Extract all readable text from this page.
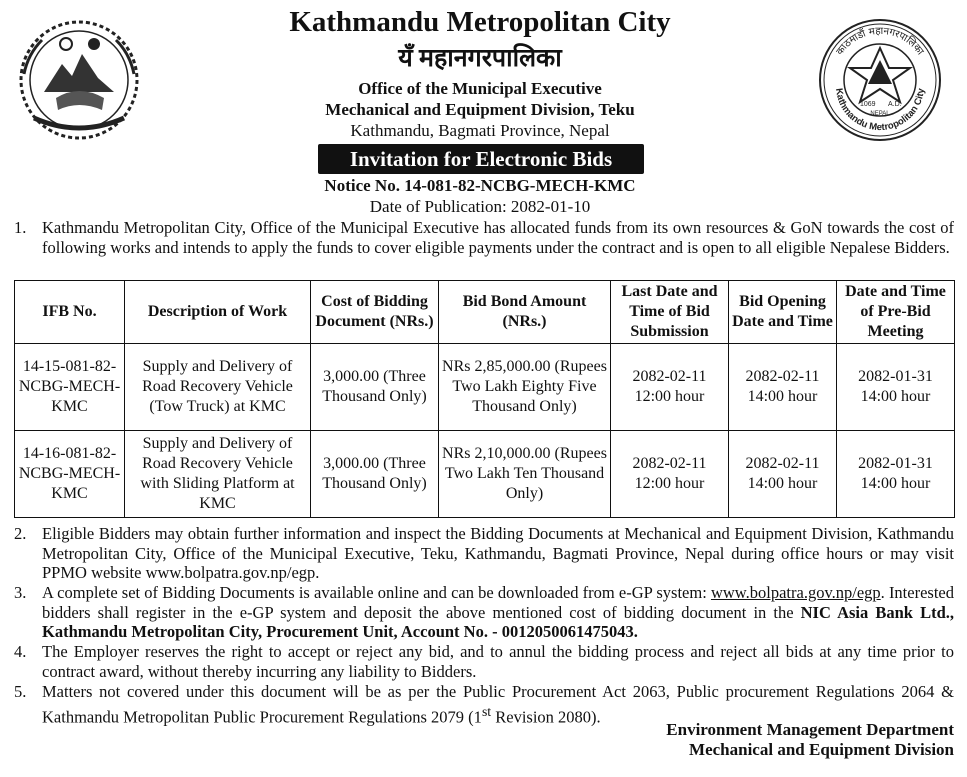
काठमाडौं महानगरपालिका
Kathmandu Metropolitan City
1069 A.D.
NEPAL
Kathmandu Metropolitan City
यँ महानगरपालिका
Office of the Municipal Executive
Mechanical and Equipment Division, Teku
Kathmandu, Bagmati Province, Nepal
Invitation for Electronic Bids
Notice No. 14-081-82-NCBG-MECH-KMC
Date of Publication: 2082-01-10
1. Kathmandu Metropolitan City, Office of the Municipal Executive has allocated funds from its own resources & GoN towards the cost of following works and intends to apply the funds to cover eligible payments under the contract and is open to all eligible Nepalese Bidders.
IFB No.	Description of Work	Cost of Bidding Document (NRs.)	Bid Bond Amount (NRs.)	Last Date and Time of Bid Submission	Bid Opening Date and Time	Date and Time of Pre-Bid Meeting
14-15-081-82-NCBG-MECH-KMC	Supply and Delivery of Road Recovery Vehicle (Tow Truck) at KMC	3,000.00 (Three Thousand Only)	NRs 2,85,000.00 (Rupees Two Lakh Eighty Five Thousand Only)	2082-02-11 12:00 hour	2082-02-11 14:00 hour	2082-01-31 14:00 hour
14-16-081-82-NCBG-MECH-KMC	Supply and Delivery of Road Recovery Vehicle with Sliding Platform at KMC	3,000.00 (Three Thousand Only)	NRs 2,10,000.00 (Rupees Two Lakh Ten Thousand Only)	2082-02-11 12:00 hour	2082-02-11 14:00 hour	2082-01-31 14:00 hour
2. Eligible Bidders may obtain further information and inspect the Bidding Documents at Mechanical and Equipment Division, Kathmandu Metropolitan City, Office of the Municipal Executive, Teku, Kathmandu, Bagmati Province, Nepal during office hours or may visit PPMO website www.bolpatra.gov.np/egp.
3. A complete set of Bidding Documents is available online and can be downloaded from e-GP system: www.bolpatra.gov.np/egp. Interested bidders shall register in the e-GP system and deposit the above mentioned cost of bidding document in the NIC Asia Bank Ltd., Kathmandu Metropolitan City, Procurement Unit, Account No. - 0012050061475043.
4. The Employer reserves the right to accept or reject any bid, and to annul the bidding process and reject all bids at any time prior to contract award, without thereby incurring any liability to Bidders.
5. Matters not covered under this document will be as per the Public Procurement Act 2063, Public procurement Regulations 2064 & Kathmandu Metropolitan Public Procurement Regulations 2079 (1st Revision 2080).
Environment Management Department
Mechanical and Equipment Division
